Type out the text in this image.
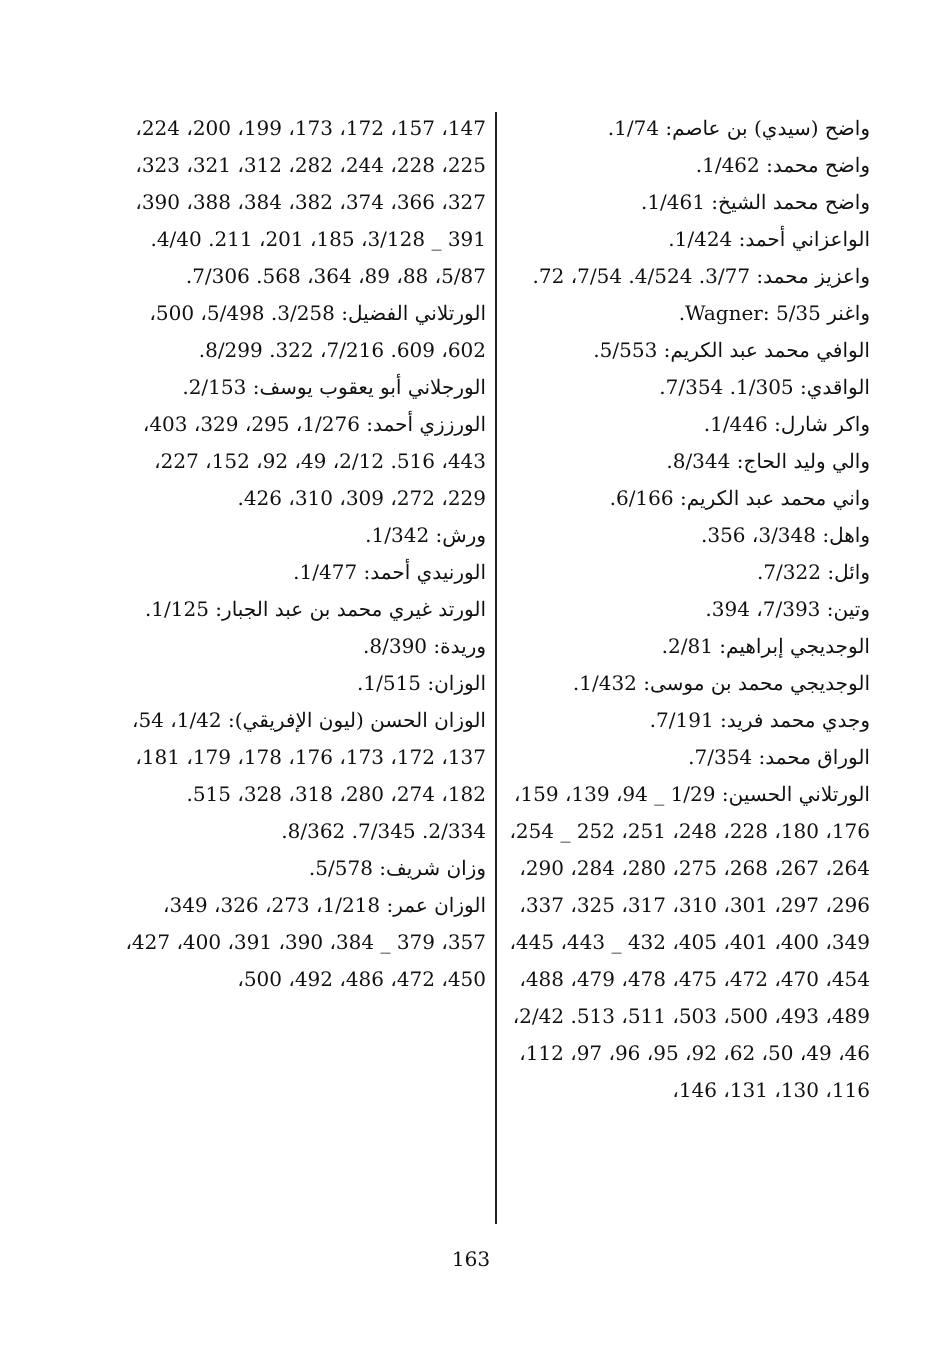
واضح (سيدي) بن عاصم: 1/74.

واضح محمد: 1/462.

واضح محمد الشيخ: 1/461.

الواعزاني أحمد: 1/424.

واعزيز محمد: 3/77. 4/524. 7/54، 72.

واغنر Wagner: 5/35.

الوافي محمد عبد الكريم: 5/553.

الواقدي: 1/305. 7/354.

واكر شارل: 1/446.

والي وليد الحاج: 8/344.

واني محمد عبد الكريم: 6/166.

واهل: 3/348، 356.

وائل: 7/322.

وتين: 7/393، 394.

الوجديجي إبراهيم: 2/81.

الوجديجي محمد بن موسى: 1/432.

وجدي محمد فريد: 7/191.

الوراق محمد: 7/354.

الورتلاني الحسين: 1/29 _ 94، 139، 159، 176، 180، 228، 248، 251، 252 _ 254، 264، 267، 268، 275، 280، 284، 290، 296، 297، 301، 310، 317، 325، 337، 349، 400، 401، 405، 432 _ 443، 445، 454، 470، 472، 475، 478، 479، 488، 489، 493، 500، 503، 511، 513. 2/42، 46، 49، 50، 62، 92، 95، 96، 97، 112، 116، 130، 131، 146،

147، 157، 172، 173، 199، 200، 224، 225، 228، 244، 282، 312، 321، 323، 327، 366، 374، 382، 384، 388، 390، 391 _ 3/128، 185، 201، 211. 4/40. 5/87، 88، 89، 364، 568. 7/306.

الورتلاني الفضيل: 3/258. 5/498، 500، 602، 609. 7/216، 322. 8/299.

الورجلاني أبو يعقوب يوسف: 2/153.

الورززي أحمد: 1/276، 295، 329، 403، 443، 516. 2/12، 49، 92، 152، 227، 229، 272، 309، 310، 426.

ورش: 1/342.

الورنيدي أحمد: 1/477.

الورتد غيري محمد بن عبد الجبار: 1/125.

وريدة: 8/390.

الوزان: 1/515.

الوزان الحسن (ليون الإفريقي): 1/42، 54، 137، 172، 173، 176، 178، 179، 181، 182، 274، 280، 318، 328، 515. 2/334. 7/345. 8/362.

وزان شريف: 5/578.

الوزان عمر: 1/218، 273، 326، 349، 357، 379 _ 384، 390، 391، 400، 427، 450، 472، 486، 492، 500،

163
